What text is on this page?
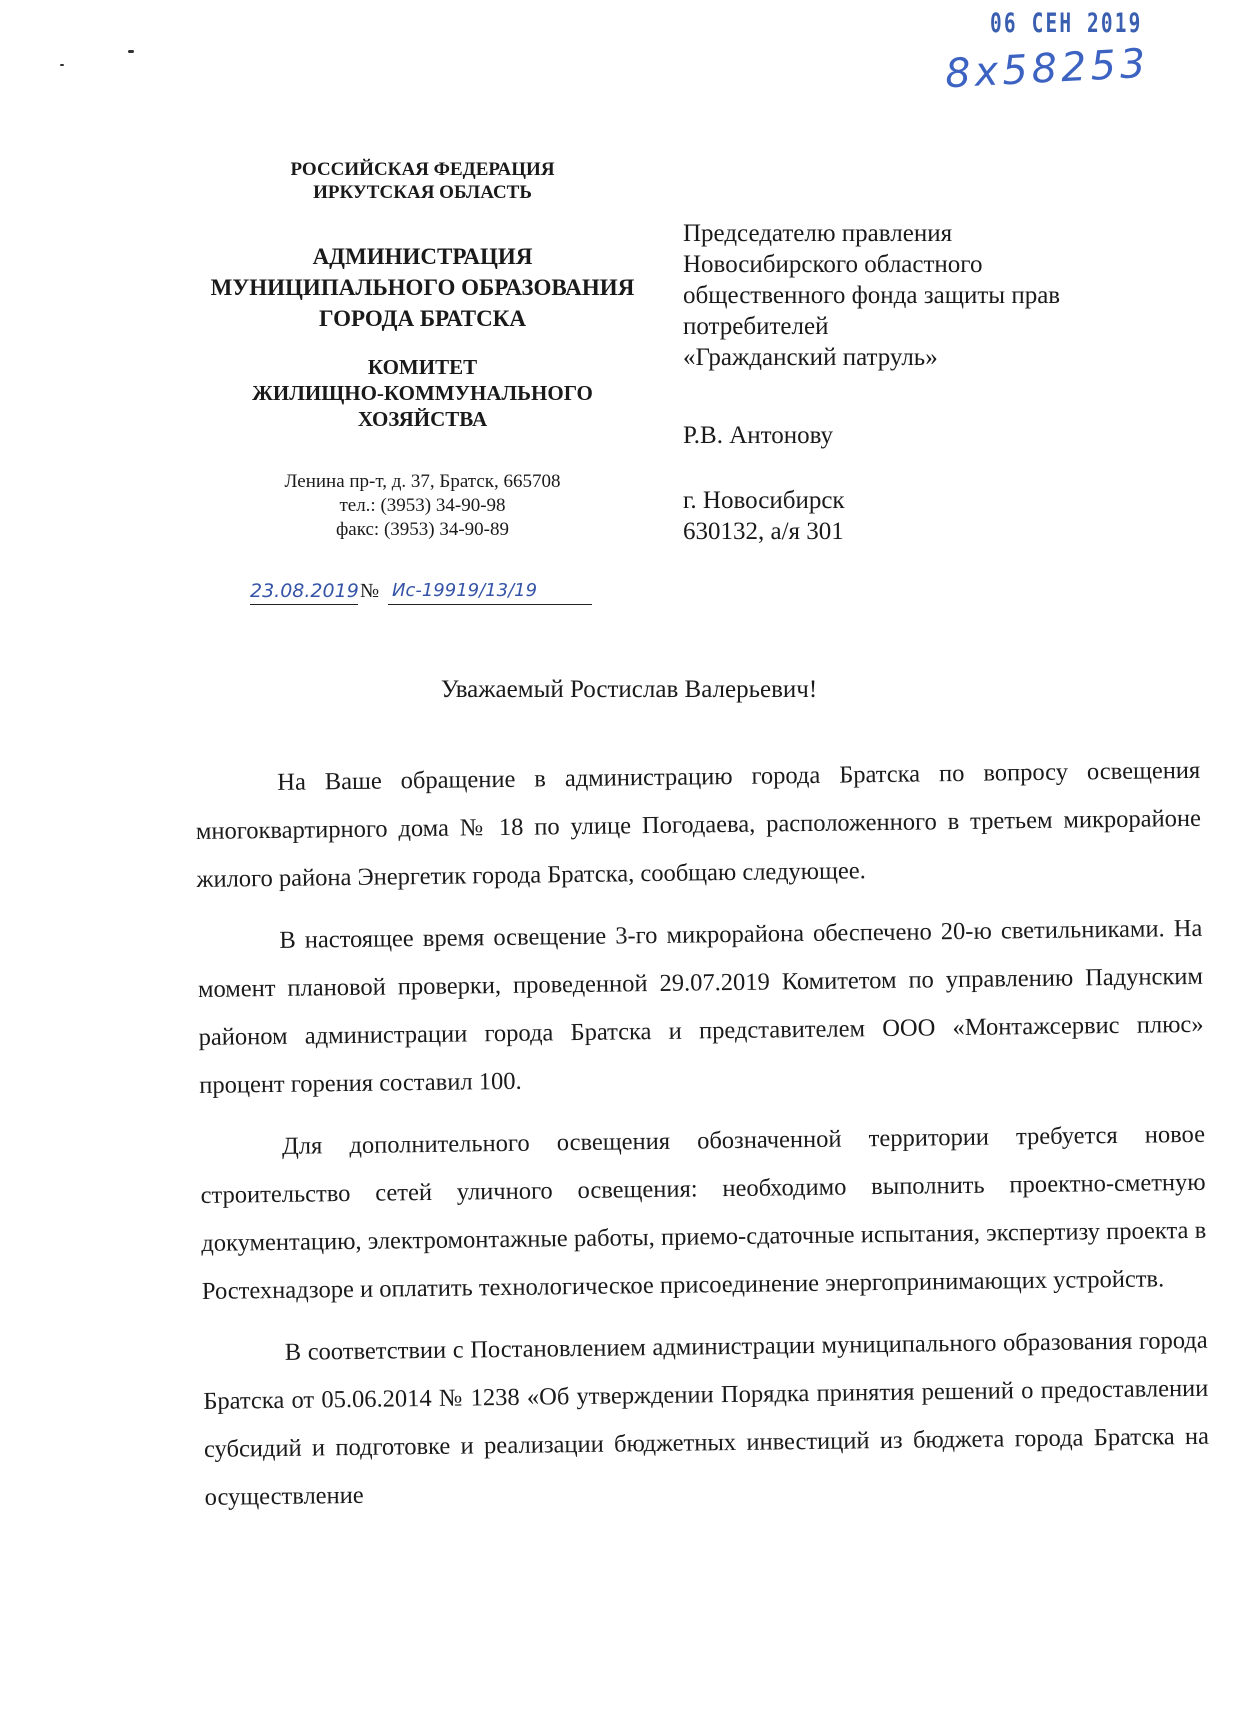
06 СЕН 2019
8х58253
РОССИЙСКАЯ ФЕДЕРАЦИЯ
ИРКУТСКАЯ ОБЛАСТЬ
АДМИНИСТРАЦИЯ
МУНИЦИПАЛЬНОГО ОБРАЗОВАНИЯ
ГОРОДА БРАТСКА
КОМИТЕТ
ЖИЛИЩНО-КОММУНАЛЬНОГО
ХОЗЯЙСТВА
Ленина пр-т, д. 37, Братск, 665708
тел.: (3953) 34-90-98
факс: (3953) 34-90-89
23.08.2019 № Ис-19919/13/19
Председателю правления
Новосибирского областного
общественного фонда защиты прав
потребителей
«Гражданский патруль»
Р.В. Антонову
г. Новосибирск
630132, а/я 301
Уважаемый Ростислав Валерьевич!

На Ваше обращение в администрацию города Братска по вопросу освещения многоквартирного дома № 18 по улице Погодаева, расположенного в третьем микрорайоне жилого района Энергетик города Братска, сообщаю следующее.

В настоящее время освещение 3-го микрорайона обеспечено 20-ю светильниками. На момент плановой проверки, проведенной 29.07.2019 Комитетом по управлению Падунским районом администрации города Братска и представителем ООО «Монтажсервис плюс» процент горения составил 100.

Для дополнительного освещения обозначенной территории требуется новое строительство сетей уличного освещения: необходимо выполнить проектно-сметную документацию, электромонтажные работы, приемо-сдаточные испытания, экспертизу проекта в Ростехнадзоре и оплатить технологическое присоединение энергопринимающих устройств.

В соответствии с Постановлением администрации муниципального образования города Братска от 05.06.2014 № 1238 «Об утверждении Порядка принятия решений о предоставлении субсидий и подготовке и реализации бюджетных инвестиций из бюджета города Братска на осуществление
